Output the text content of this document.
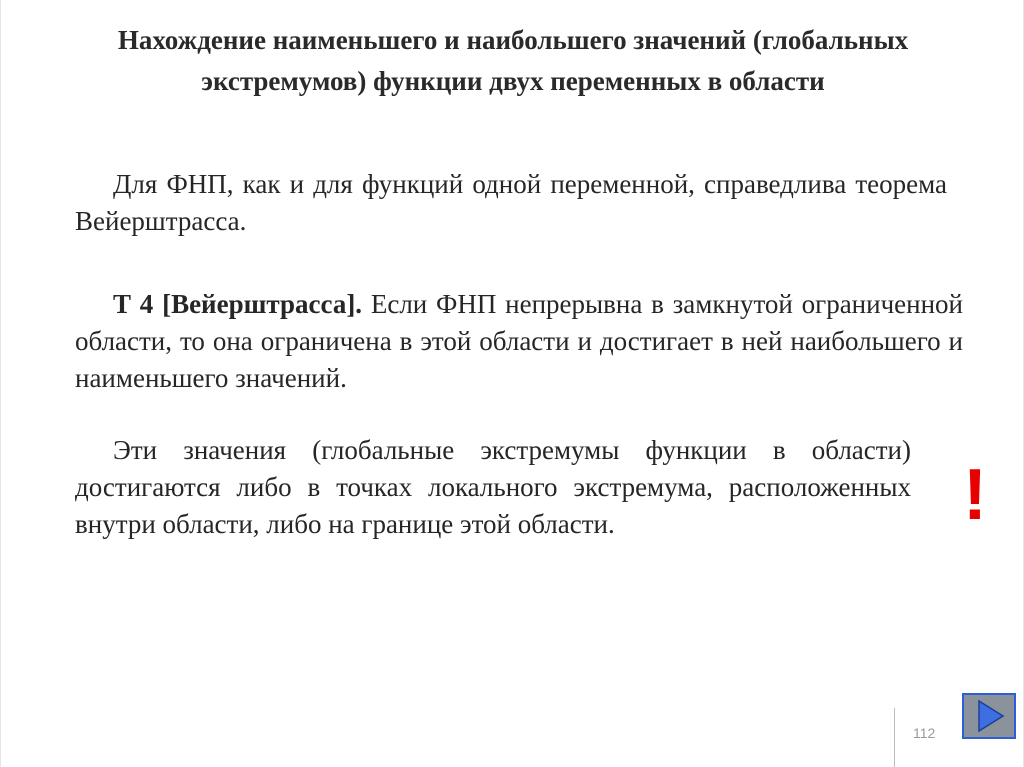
Нахождение наименьшего и наибольшего значений (глобальных экстремумов) функции двух переменных в области

Для ФНП, как и для функций одной переменной, справедлива теорема Вейерштрасса.

Т 4 [Вейерштрасса]. Если ФНП непрерывна в замкнутой ограниченной области, то она ограничена в этой области и достигает в ней наибольшего и наименьшего значений.

Эти значения (глобальные экстремумы функции в области) достигаются либо в точках локального экстремума, расположенных внутри области, либо на границе этой области.	!
112
